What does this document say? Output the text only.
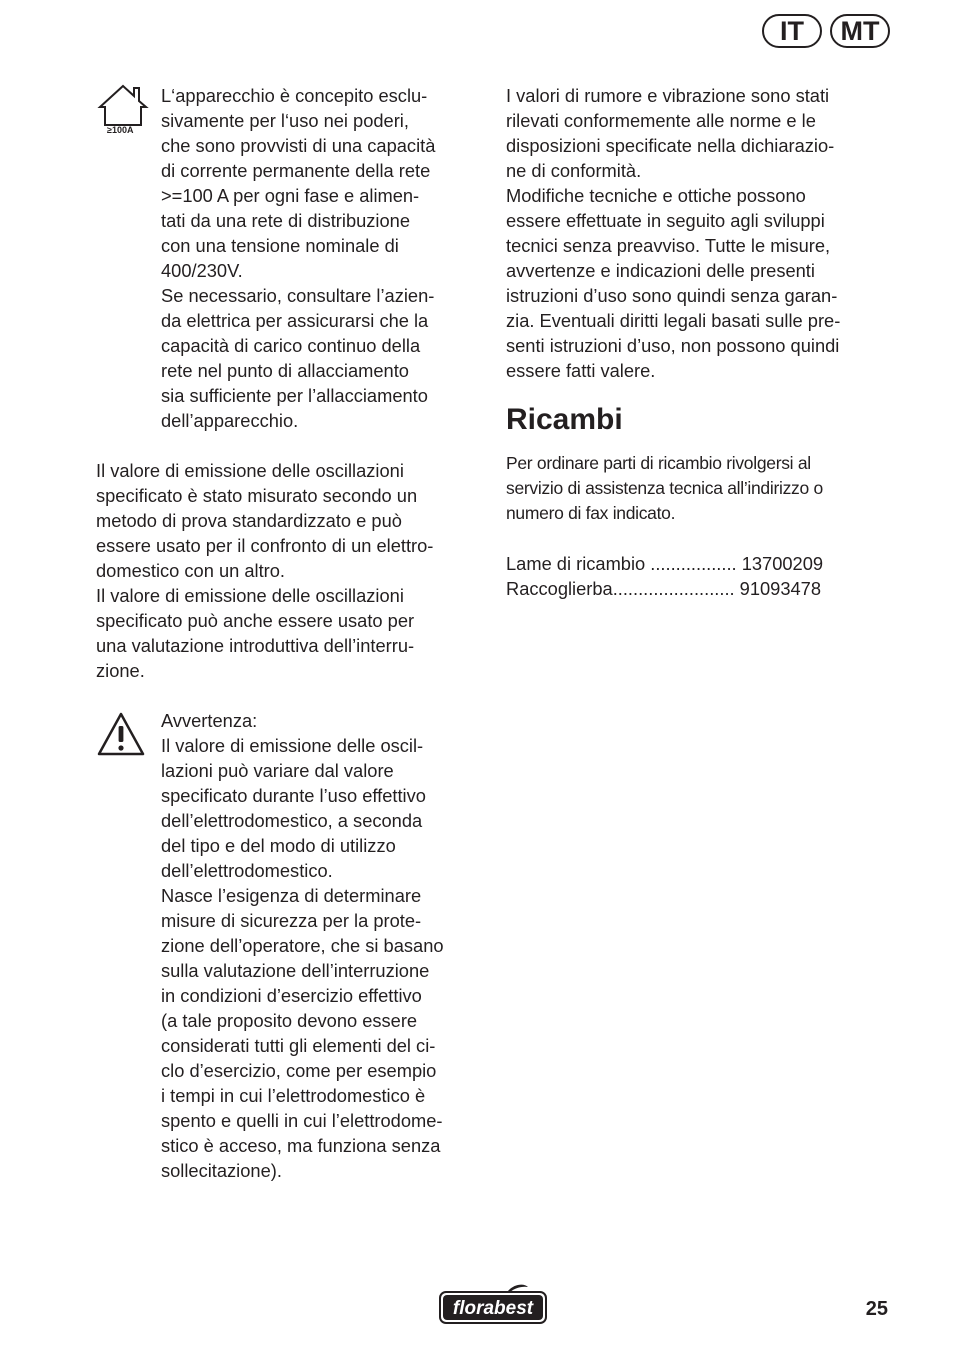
IT	MT
≥100A

L‘apparecchio è concepito esclu-
sivamente per l‘uso nei poderi,
che sono provvisti di una capacità
di corrente permanente della rete
>=100 A per ogni fase e alimen-
tati da una rete di distribuzione
con una tensione nominale di
400/230V.

Se necessario, consultare l’azien-
da elettrica per assicurarsi che la
capacità di carico continuo della
rete nel punto di allacciamento
sia sufficiente per l’allacciamento
dell’apparecchio.

Il valore di emissione delle oscillazioni
specificato è stato misurato secondo un
metodo di prova standardizzato e può
essere usato per il confronto di un elettro-
domestico con un altro.

Il valore di emissione delle oscillazioni
specificato può anche essere usato per
una valutazione introduttiva dell’interru-
zione.

Avvertenza:

Il valore di emissione delle oscil-
lazioni può variare dal valore
specificato durante l’uso effettivo
dell’elettrodomestico, a seconda
del tipo e del modo di utilizzo
dell’elettrodomestico.

Nasce l’esigenza di determinare
misure di sicurezza per la prote-
zione dell’operatore, che si basano
sulla valutazione dell’interruzione
in condizioni d’esercizio effettivo
(a tale proposito devono essere
considerati tutti gli elementi del ci-
clo d’esercizio, come per esempio
i tempi in cui l’elettrodomestico è
spento e quelli in cui l’elettrodome-
stico è acceso, ma funziona senza
sollecitazione).

I valori di rumore e vibrazione sono stati
rilevati conformemente alle norme e le
disposizioni specificate nella dichiarazio-
ne di conformità.

Modifiche tecniche e ottiche possono
essere effettuate in seguito agli sviluppi
tecnici senza preavviso. Tutte le misure,
avvertenze e indicazioni delle presenti
istruzioni d’uso sono quindi senza garan-
zia. Eventuali diritti legali basati sulle pre-
senti istruzioni d’uso, non possono quindi
essere fatti valere.

Ricambi

Per ordinare parti di ricambio rivolgersi al
servizio di assistenza tecnica all’indirizzo o
numero di fax indicato.

Lame di ricambio ................. 13700209

Raccoglierba........................ 91093478

florabest	25
